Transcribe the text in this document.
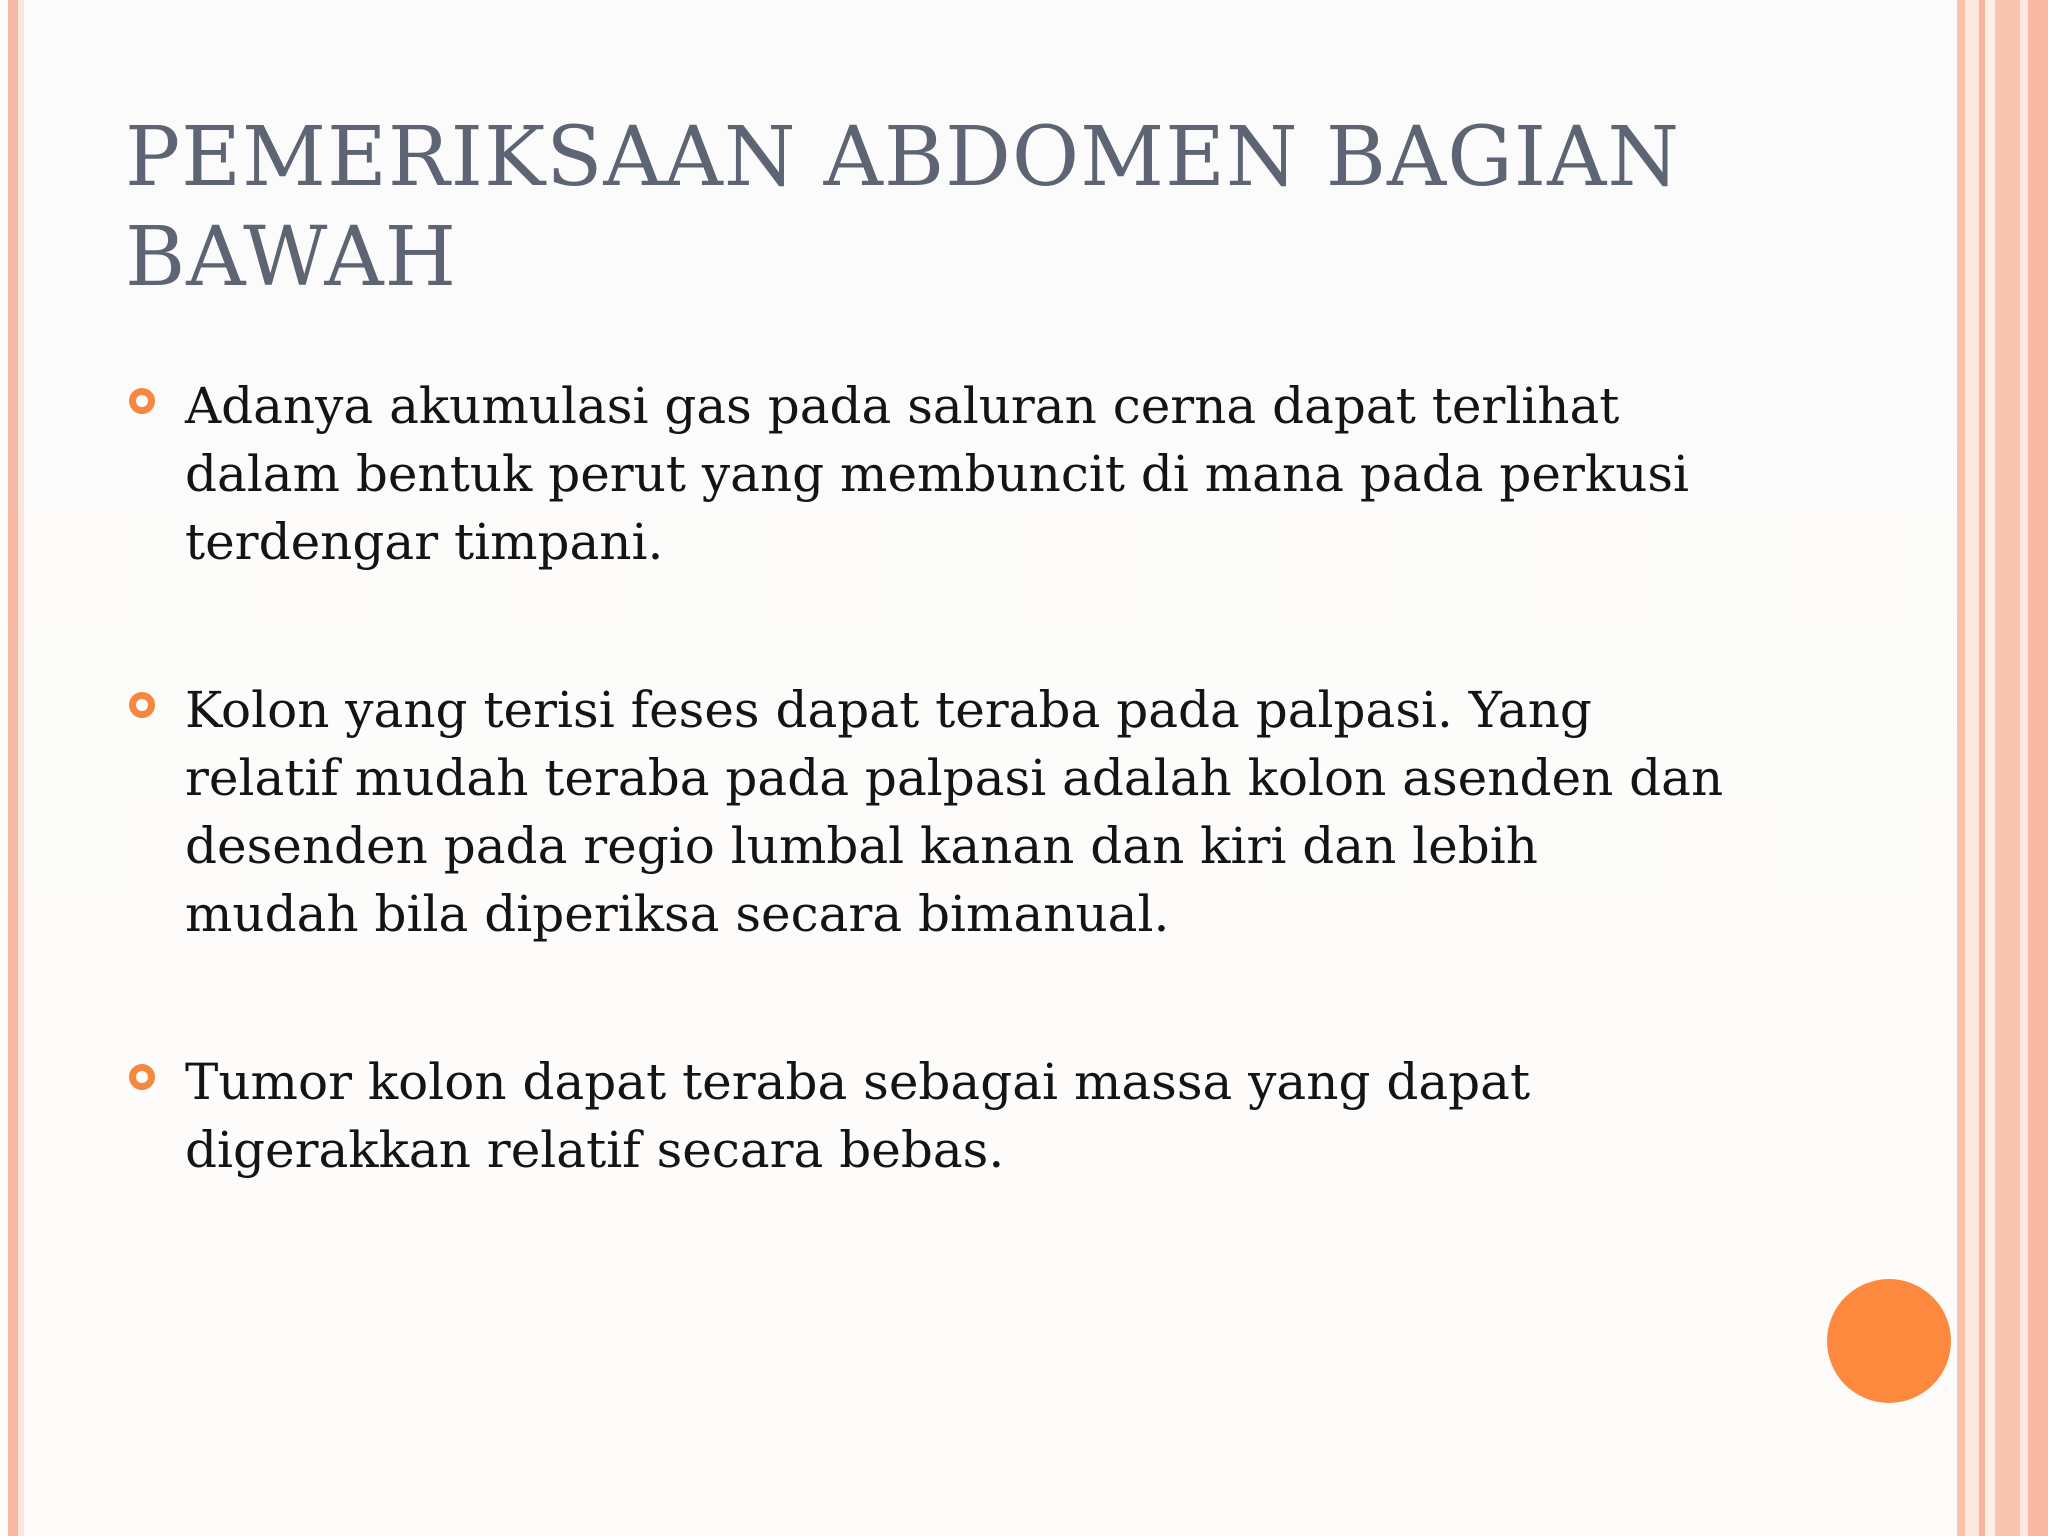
PEMERIKSAAN ABDOMEN BAGIAN BAWAH
Adanya akumulasi gas pada saluran cerna dapat terlihat dalam bentuk perut yang membuncit di mana pada perkusi terdengar timpani.
Kolon yang terisi feses dapat teraba pada palpasi. Yang relatif mudah teraba pada palpasi adalah kolon asenden dan desenden pada regio lumbal kanan dan kiri dan lebih mudah bila diperiksa secara bimanual.
Tumor kolon dapat teraba sebagai massa yang dapat digerakkan relatif secara bebas.
